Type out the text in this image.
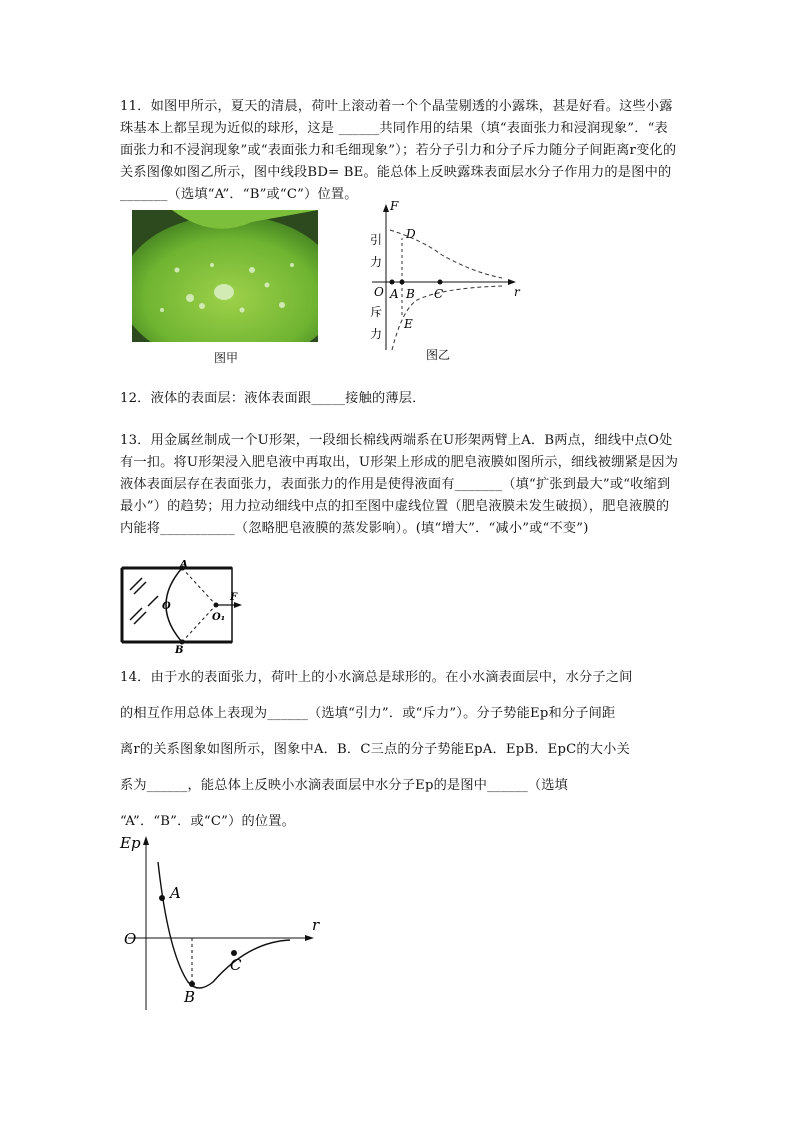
11．如图甲所示，夏天的清晨，荷叶上滚动着一个个晶莹剔透的小露珠，甚是好看。这些小露珠基本上都呈现为近似的球形，这是 ______共同作用的结果（填“表面张力和浸润现象”．“表面张力和不浸润现象”或“表面张力和毛细现象”）；若分子引力和分子斥力随分子间距离r变化的关系图像如图乙所示，图中线段BD= BE。能总体上反映露珠表面层水分子作用力的是图中的 _______（选填“A”．“B”或“C”）位置。

图甲
F
r
O A B C
D
E
引
力
斥
力
图乙

12．液体的表面层：液体表面跟_____接触的薄层．

13．用金属丝制成一个U形架，一段细长棉线两端系在U形架两臂上A．B两点，细线中点O处有一扣。将U形架浸入肥皂液中再取出，U形架上形成的肥皂液膜如图所示，细线被绷紧是因为液体表面层存在表面张力，表面张力的作用是使得液面有_______（填“扩张到最大”或“收缩到最小”）的趋势；用力拉动细线中点的扣至图中虚线位置（肥皂液膜未发生破损），肥皂液膜的内能将___________（忽略肥皂液膜的蒸发影响）。(填“增大”．“减小”或“不变”)

A
B
O
O₁
F

14．由于水的表面张力，荷叶上的小水滴总是球形的。在小水滴表面层中，水分子之间

的相互作用总体上表现为______（选填“引力”．或“斥力”）。分子势能Ep和分子间距

离r的关系图象如图所示，图象中A．B．C三点的分子势能EpA．EpB．EpC的大小关

系为______，能总体上反映小水滴表面层中水分子Ep的是图中______（选填

“A”．“B”．或“C”）的位置。

Ep
r
O
A
B
C
